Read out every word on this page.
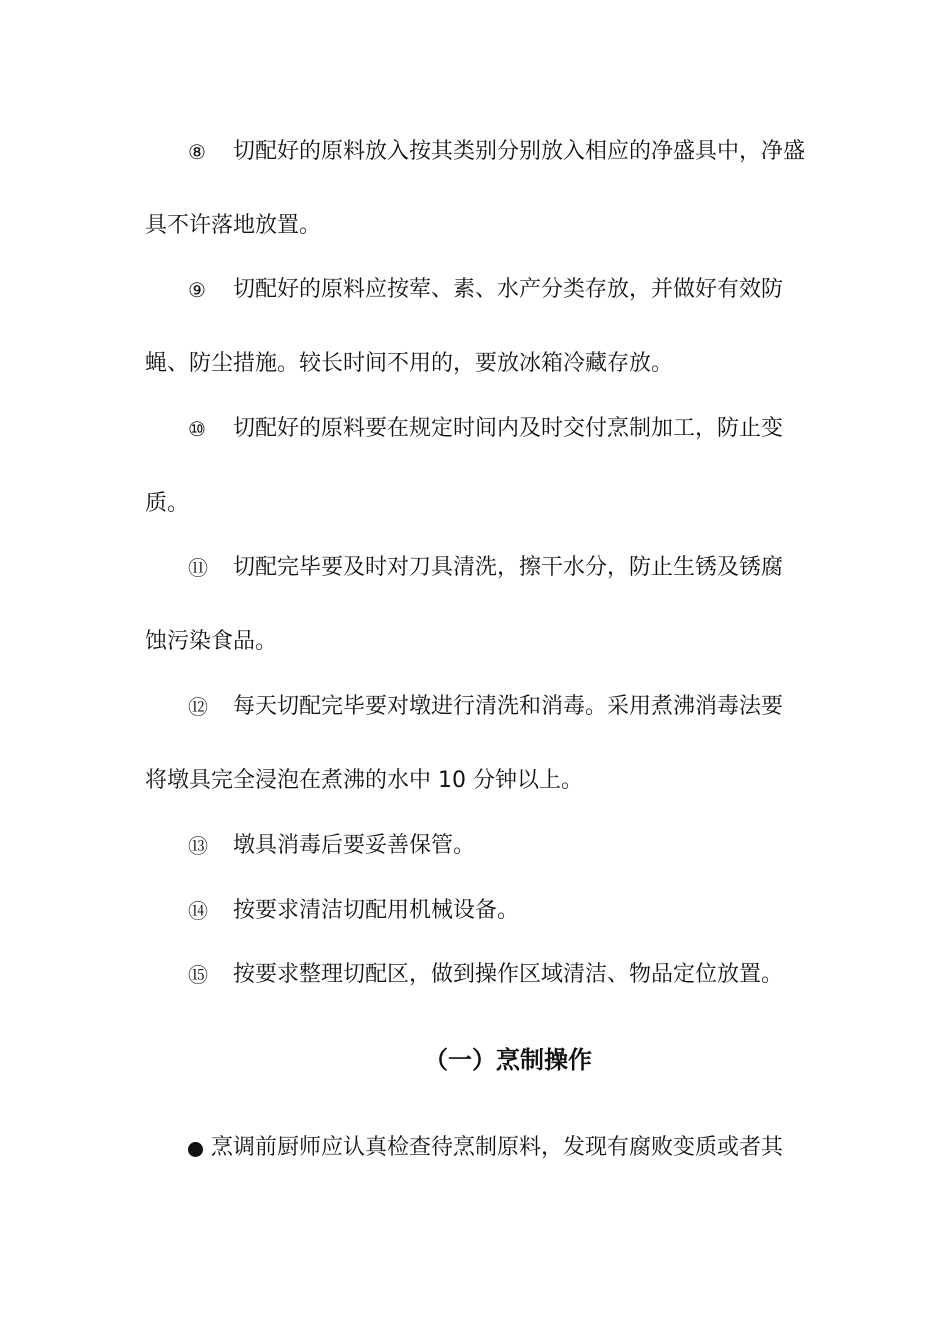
⑧ 切配好的原料放入按其类别分别放入相应的净盛具中，净盛
具不许落地放置。
⑨ 切配好的原料应按荤、素、水产分类存放，并做好有效防
蝇、防尘措施。较长时间不用的，要放冰箱冷藏存放。
⑩ 切配好的原料要在规定时间内及时交付烹制加工，防止变
质。
⑪ 切配完毕要及时对刀具清洗，擦干水分，防止生锈及锈腐
蚀污染食品。
⑫ 每天切配完毕要对墩进行清洗和消毒。采用煮沸消毒法要
将墩具完全浸泡在煮沸的水中 10 分钟以上。
⑬ 墩具消毒后要妥善保管。
⑭ 按要求清洁切配用机械设备。
⑮ 按要求整理切配区，做到操作区域清洁、物品定位放置。
（一）烹制操作
烹调前厨师应认真检查待烹制原料，发现有腐败变质或者其
